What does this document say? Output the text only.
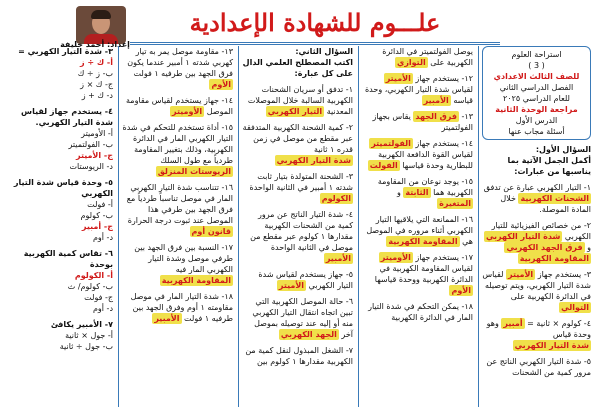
علـــوم للشهادة الإعدادية
إعداد: أحمد خليفة
استراحة العلوم
( 3 )
للصف الثالث الاعدادي
الفصل الدراسي الثاني
للعام الدراسي ٢٠٢٥
مراجعة الوحدة الثانية
الدرس الأول
أسئلة مجاب عنها
السؤال الأول:
أكمل الجمل الآتية بما يناسبها من عبارات:
١- التيار الكهربي عبارة عن تدفق الشحنات الكهربية خلال المادة الموصلة.
٢- من خصائص الفيزيائية للتيار الكهربي شدة التيار الكهربي و فرق الجهد الكهربي المقاومة الكهربية
٣- يستخدم جهاز الأميتر لقياس شدة التيار الكهربي، ويتم توصيله في الدائرة الكهربية على التوالي
٤- كولوم × ثانية = أمبير وهو وحدة قياس شدة التيار الكهربي
٥- شدة التيار الكهربي الناتج عن مرور كمية من الشحنات
يوصل الفولتميتر في الدائرة الكهربية على التوازي
١٢- يستخدم جهاز الأميتر لقياس شدة التيار الكهربي، وحدة قياسه الأمبير
١٣- فرق الجهد يقاس بجهاز الفولتميتر
١٤- يستخدم جهاز الفولتميتر لقياس القوة الدافعة الكهربية للبطارية وحدة قياسها الفولت
١٥- يوجد نوعان من المقاومة الكهربية هما الثابتة و المتغيرة
١٦- الممانعة التي يلاقيها التيار الكهربي أثناء مروره في الموصل هي المقاومة الكهربية
١٧- يستخدم جهاز الأوميتر لقياس المقاومة الكهربية في الدائرة الكهربية ووحدة قياسها الأوم
١٨- يمكن التحكم في شدة التيار المار في الدائرة الكهربية
السؤال الثاني:
اكتب المصطلح العلمي الدال على كل عبارة:
١- تدفق أو سريان الشحنات الكهربية السالبة خلال الموصلات المعدنية التيار الكهربي
٢- كمية الشحنة الكهربية المتدفقة عبر مقطع من موصل في زمن قدره ١ ثانية شدة التيار الكهربي
٣- الشحنة المتولدة بتيار ثابت شدته ١ أمبير في الثانية الواحدة الكولوم
٤- شدة التيار الناتج عن مرور كمية من الشحنات الكهربية مقدارها ١ كولوم عبر مقطع من موصل في الثانية الواحدة الأمبير
٥- جهاز يستخدم لقياس شدة التيار الكهربي الأميتر
٦- حالة الموصل الكهربية التي تبين اتجاه انتقال التيار الكهربي منه أو إليه عند توصيله بموصل آخر الجهد الكهربي
٧- الشغل المبذول لنقل كمية من الكهربية مقدارها ١ كولوم بين
١٣- مقاومة موصل يمر به تيار كهربي شدته ١ أمبير عندما يكون فرق الجهد بين طرفيه ١ فولت الأوم
١٤- جهاز يستخدم لقياس مقاومة الموصل الأوميتر
١٥- أداة تستخدم للتحكم في شدة التيار الكهربي المار في الدائرة الكهربية، وذلك بتغيير المقاومة طردياً مع طول السلك الريوستات المنزلق
١٦- تتناسب شدة التيار الكهربي المار في موصل تناسباً طردياً مع فرق الجهد بين طرفي هذا الموصل عند ثبوت درجة الحرارة قانون أوم
١٧- النسبة بين فرق الجهد بين طرفي موصل وشدة التيار الكهربي المار فيه المقاومة الكهربية
١٨- شدة التيار المار في موصل مقاومته ١ أوم وفرق الجهد بين طرفيه ١ فولت الأمبير
٣- شدة التيار الكهربي =
أ- ك ÷ ز
ب- ز ÷ ك
ج- ك × ز
د- ك + ز
٤- يستخدم جهاز لقياس شدة التيار الكهربي.
أ- الأوميتر
ب- الفولتميتر
ج- الأميتر
د- الريوستات
٥- وحدة قياس شدة التيار الكهربي
أ- فولت
ب- كولوم
ج- أمبير
د- أوم
٦- تقاس كمية الكهربية بوحدة
أ- الكولوم
ب- كولوم/ ث
ج- فولت
د- أوم
٧- الأمبير يكافئ
أ- جول × ثانية
ب- جول ÷ ثانية
